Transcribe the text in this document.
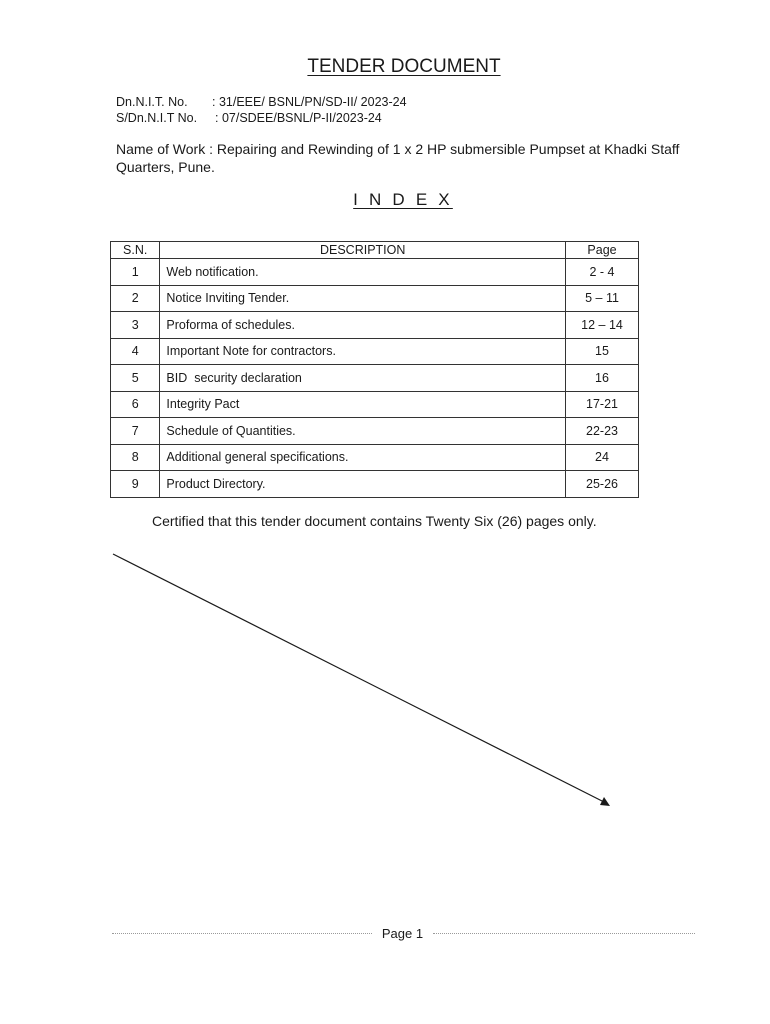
TENDER DOCUMENT
Dn.N.I.T. No.	: 31/EEE/ BSNL/PN/SD-II/ 2023-24
S/Dn.N.I.T No.	: 07/SDEE/BSNL/P-II/2023-24
Name of Work : Repairing and Rewinding of 1 x 2 HP submersible Pumpset at Khadki Staff Quarters, Pune.
I N D E X
S.N.	DESCRIPTION	Page
1	Web notification.	2 - 4
2	Notice Inviting Tender.	5 – 11
3	Proforma of schedules.	12 – 14
4	Important Note for contractors.	15
5	BID  security declaration	16
6	Integrity Pact	17-21
7	Schedule of Quantities.	22-23
8	Additional general specifications.	24
9	Product Directory.	25-26
Certified that this tender document contains Twenty Six (26) pages only.
Page 1
